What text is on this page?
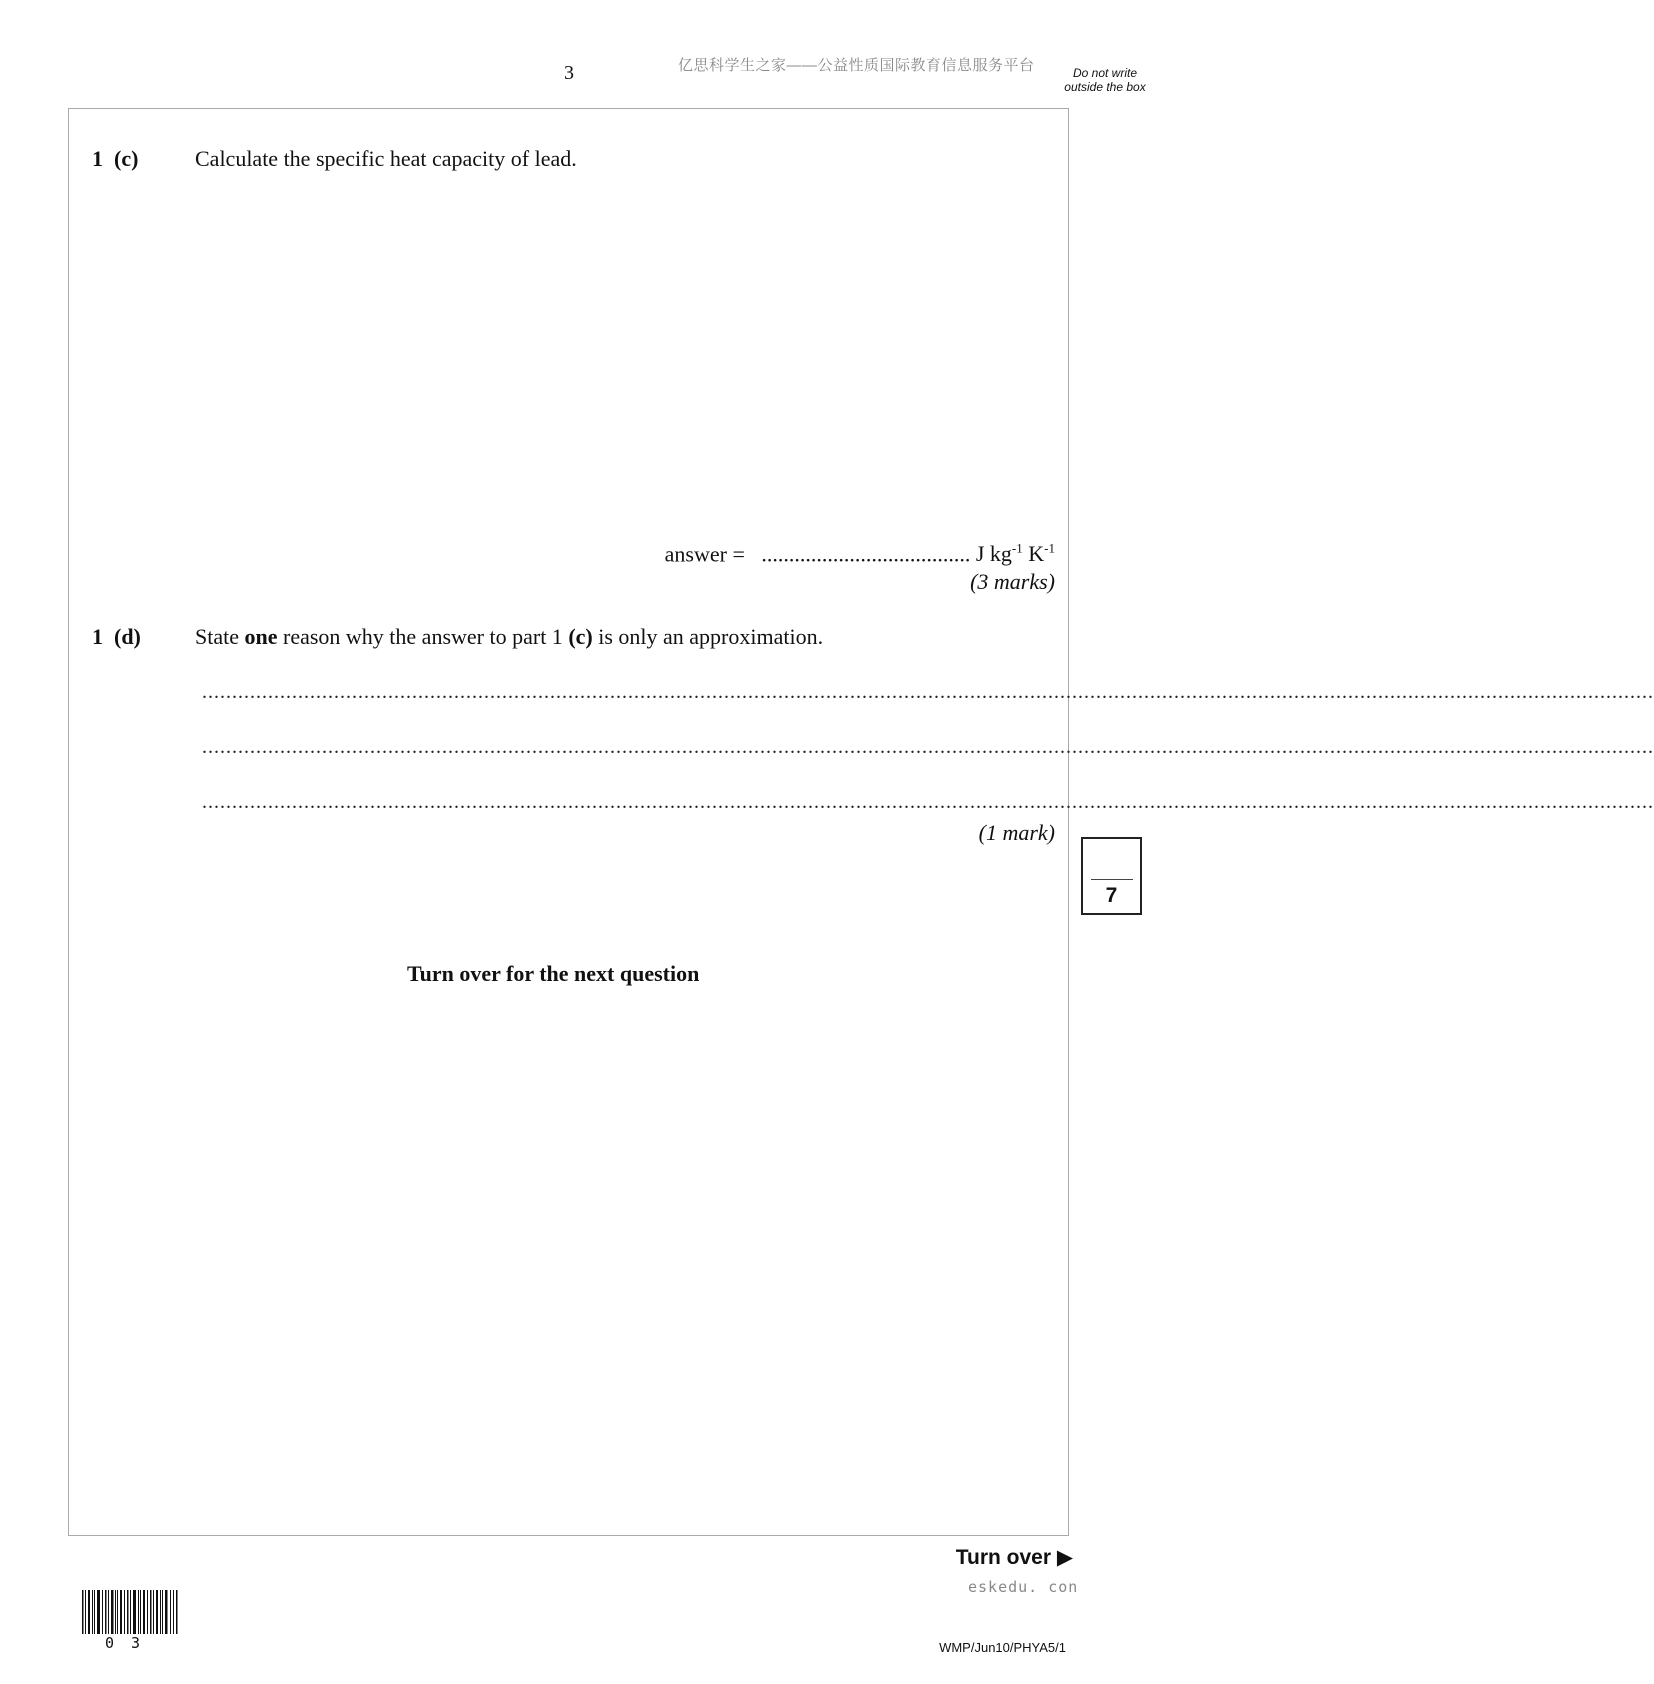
3	亿思科学生之家——公益性质国际教育信息服务平台	Do not write outside the box
1  (c)	Calculate the specific heat capacity of lead.
answer = ...................................... J $kg^{-1}$ $K^{-1}$
(3 marks)
1  (d) State one reason why the answer to part 1 (c) is only an approximation.
..................................................................................................................................................................................................................................................
..................................................................................................................................................................................................................................................
..................................................................................................................................................................................................................................................
(1 mark)
Turn over for the next question
7
Turn over ▶
eskedu. con
WMP/Jun10/PHYA5/1
0 3
